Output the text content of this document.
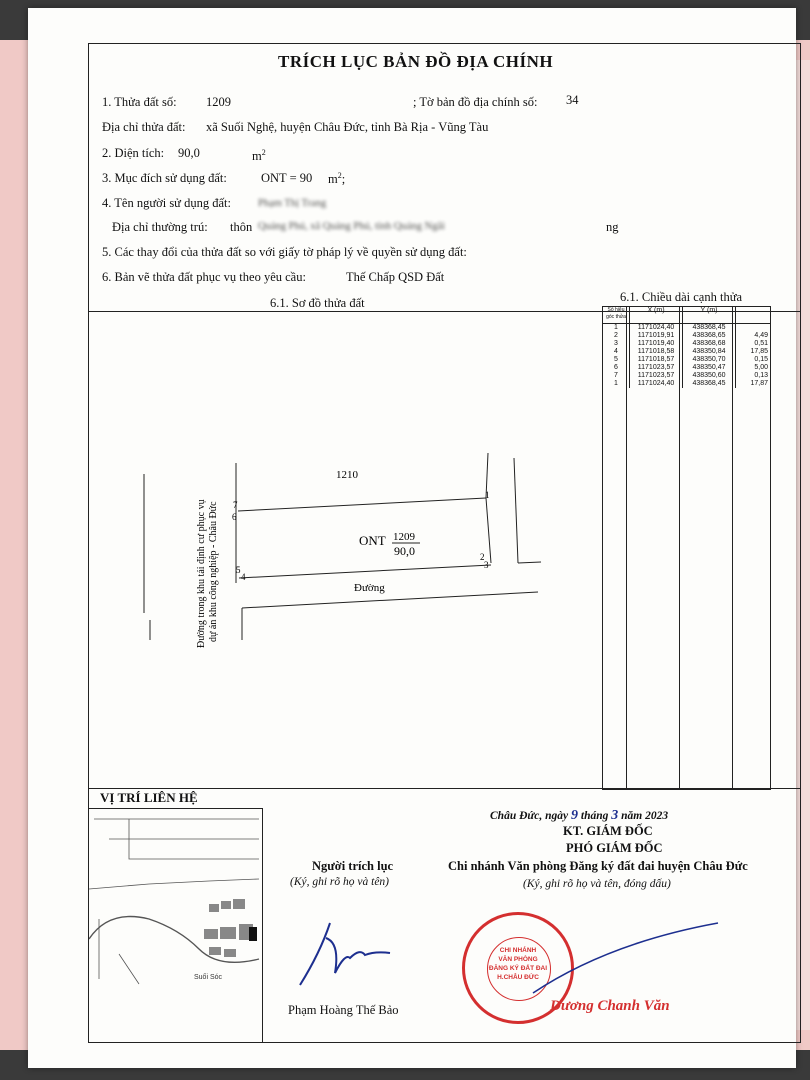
TRÍCH LỤC BẢN ĐỒ ĐỊA CHÍNH
1. Thửa đất số: 1209	; Tờ bản đồ địa chính số: 34
Địa chỉ thửa đất: xã Suối Nghệ, huyện Châu Đức, tỉnh Bà Rịa - Vũng Tàu
2. Diện tích: 90,0	$m^2$
3. Mục đích sử dụng đất:	ONT = 90 $m^2$;
4. Tên người sử dụng đất:	Phạm Thị Trang
Địa chỉ thường trú: thôn Quảng Phú, xã Quảng Phú, tỉnh Quảng Ngãi	ng
5. Các thay đổi của thửa đất so với giấy tờ pháp lý về quyền sử dụng đất:
6. Bản vẽ thửa đất phục vụ theo yêu cầu:	Thế Chấp QSD Đất
6.1. Sơ đồ thửa đất	6.1. Chiều dài cạnh thửa
Số hiệu góc thửa	X (m)	Y (m)	
1	1171024,40	438368,45	
2	1171019,91	438368,65	4,49
3	1171019,40	438368,68	0,51
4	1171018,58	438350,84	17,85
5	1171018,57	438350,70	0,15
6	1171023,57	438350,47	5,00
7	1171023,57	438350,60	0,13
1	1171024,40	438368,45	17,87
1210
ONT 1209
90,0
Đường
1
2
3
4
5
6
7
Đường trong khu tái định cư phục vụ dự án khu công nghiệp - Châu Đức
VỊ TRÍ LIÊN HỆ
Suối Sóc
Châu Đức, ngày 9 tháng 3 năm 2023
KT. GIÁM ĐỐC
PHÓ GIÁM ĐỐC
Chi nhánh Văn phòng Đăng ký đất đai huyện Châu Đức
(Ký, ghi rõ họ và tên, đóng dấu)
Người trích lục
(Ký, ghi rõ họ và tên)
Phạm Hoàng Thế Bảo
CHI NHÁNH
VĂN PHÒNG
ĐĂNG KÝ ĐẤT ĐAI
H.CHÂU ĐỨC
Dương Chanh Văn
